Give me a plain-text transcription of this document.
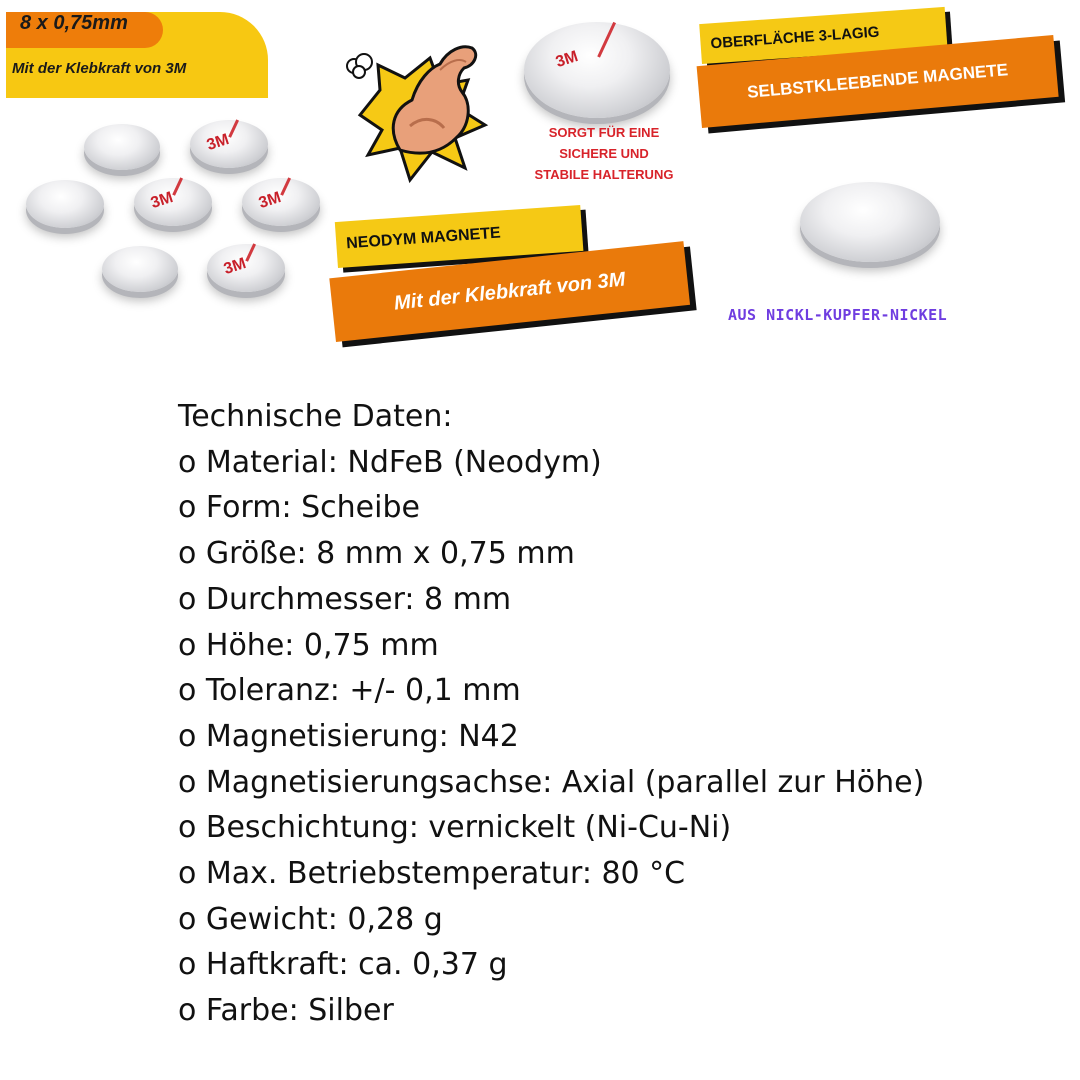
8 x 0,75mm
Mit der Klebkraft von 3M
3M
3M
3M
3M
3M
SORGT FÜR EINE
SICHERE UND
STABILE HALTERUNG
OBERFLÄCHE 3-LAGIG
SELBSTKLEEBENDE MAGNETE
AUS NICKL-KUPFER-NICKEL
NEODYM MAGNETE
Mit der Klebkraft von 3M
Technische Daten:
o Material: NdFeB (Neodym)
o Form: Scheibe
o Größe: 8 mm x 0,75 mm
o Durchmesser: 8 mm
o Höhe: 0,75 mm
o Toleranz: +/- 0,1 mm
o Magnetisierung: N42
o Magnetisierungsachse: Axial (parallel zur Höhe)
o Beschichtung: vernickelt (Ni-Cu-Ni)
o Max. Betriebstemperatur: 80 °C
o Gewicht: 0,28 g
o Haftkraft: ca. 0,37 g
o Farbe: Silber
